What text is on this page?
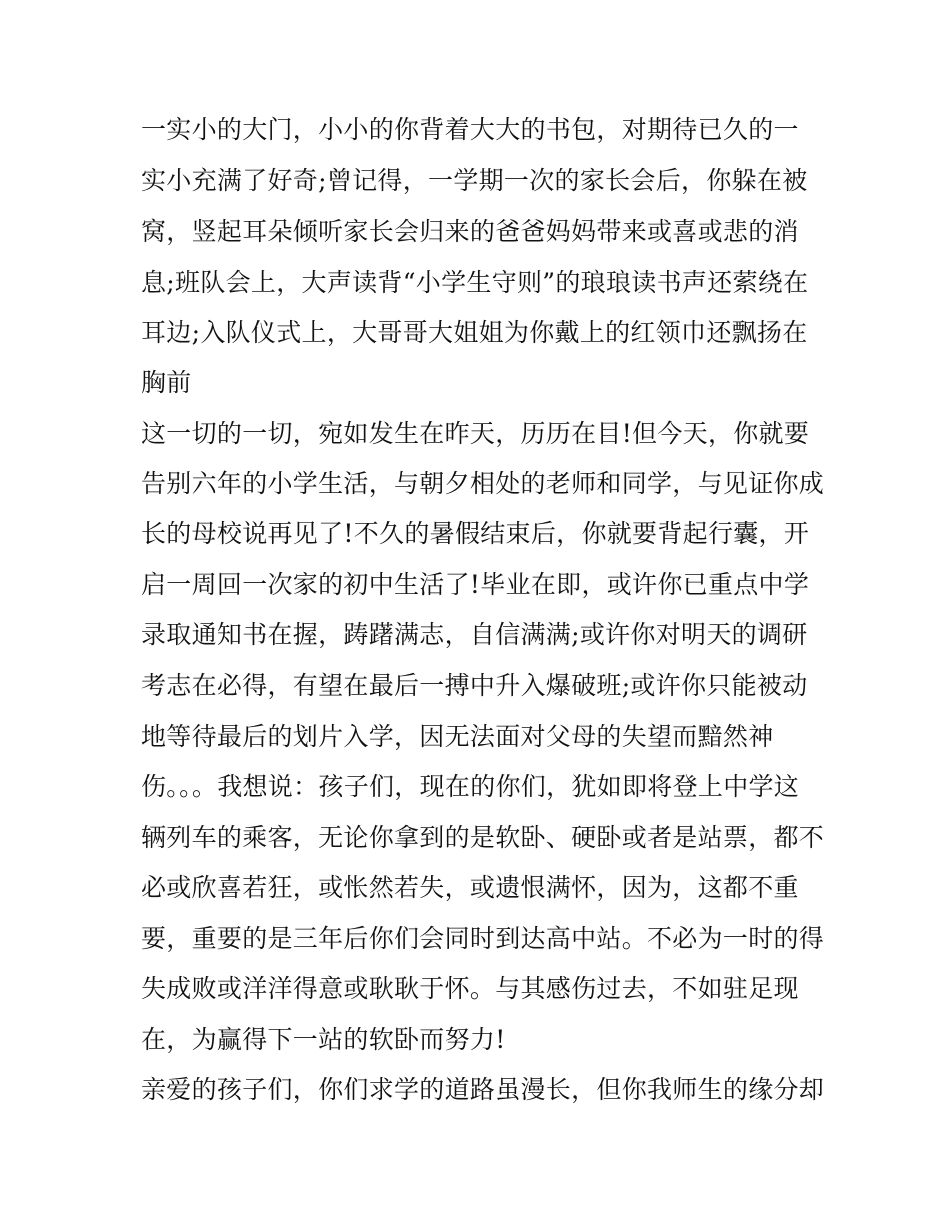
一实小的大门，小小的你背着大大的书包，对期待已久的一
实小充满了好奇;曾记得，一学期一次的家长会后，你躲在被
窝，竖起耳朵倾听家长会归来的爸爸妈妈带来或喜或悲的消
息;班队会上，大声读背“小学生守则”的琅琅读书声还萦绕在
耳边;入队仪式上，大哥哥大姐姐为你戴上的红领巾还飘扬在
胸前
这一切的一切，宛如发生在昨天，历历在目!但今天，你就要
告别六年的小学生活，与朝夕相处的老师和同学，与见证你成
长的母校说再见了!不久的暑假结束后，你就要背起行囊，开
启一周回一次家的初中生活了!毕业在即，或许你已重点中学
录取通知书在握，踌躇满志，自信满满;或许你对明天的调研
考志在必得，有望在最后一搏中升入爆破班;或许你只能被动
地等待最后的划片入学，因无法面对父母的失望而黯然神
伤。。。我想说：孩子们，现在的你们，犹如即将登上中学这
辆列车的乘客，无论你拿到的是软卧、硬卧或者是站票，都不
必或欣喜若狂，或怅然若失，或遗恨满怀，因为，这都不重
要，重要的是三年后你们会同时到达高中站。不必为一时的得
失成败或洋洋得意或耿耿于怀。与其感伤过去，不如驻足现
在，为赢得下一站的软卧而努力!
亲爱的孩子们，你们求学的道路虽漫长，但你我师生的缘分却
